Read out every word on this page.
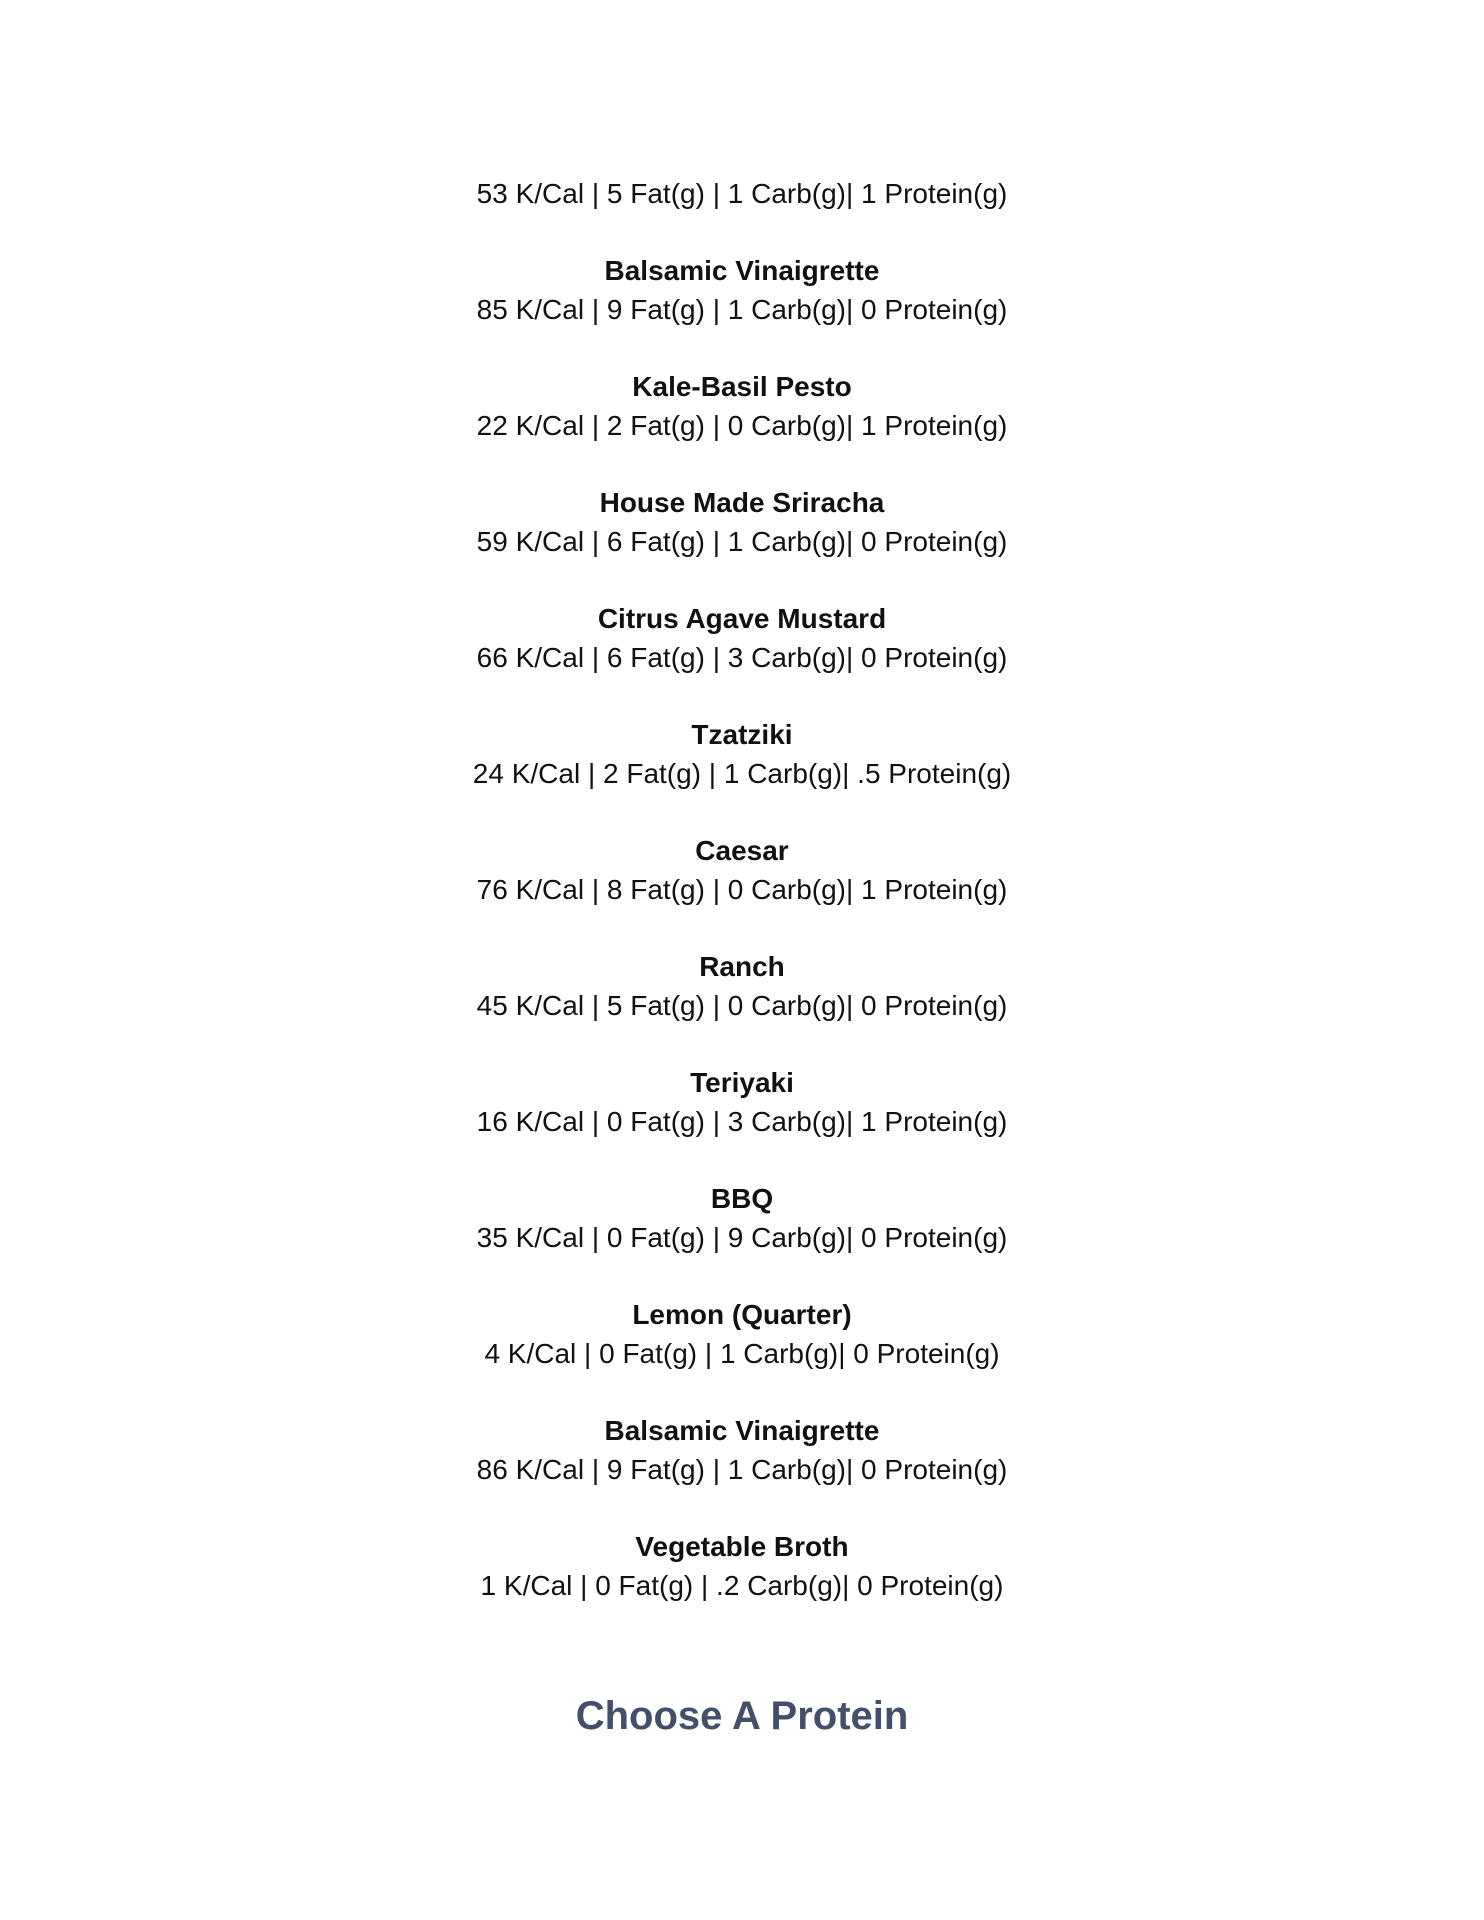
53 K/Cal | 5 Fat(g) | 1 Carb(g)| 1 Protein(g)

Balsamic Vinaigrette

85 K/Cal | 9 Fat(g) | 1 Carb(g)| 0 Protein(g)

Kale-Basil Pesto

22 K/Cal | 2 Fat(g) | 0 Carb(g)| 1 Protein(g)

House Made Sriracha

59 K/Cal | 6 Fat(g) | 1 Carb(g)| 0 Protein(g)

Citrus Agave Mustard

66 K/Cal | 6 Fat(g) | 3 Carb(g)| 0 Protein(g)

Tzatziki

24 K/Cal | 2 Fat(g) | 1 Carb(g)| .5 Protein(g)

Caesar

76 K/Cal | 8 Fat(g) | 0 Carb(g)| 1 Protein(g)

Ranch

45 K/Cal | 5 Fat(g) | 0 Carb(g)| 0 Protein(g)

Teriyaki

16 K/Cal | 0 Fat(g) | 3 Carb(g)| 1 Protein(g)

BBQ

35 K/Cal | 0 Fat(g) | 9 Carb(g)| 0 Protein(g)

Lemon (Quarter)

4 K/Cal | 0 Fat(g) | 1 Carb(g)| 0 Protein(g)

Balsamic Vinaigrette

86 K/Cal | 9 Fat(g) | 1 Carb(g)| 0 Protein(g)

Vegetable Broth

1 K/Cal | 0 Fat(g) | .2 Carb(g)| 0 Protein(g)

Choose A Protein
